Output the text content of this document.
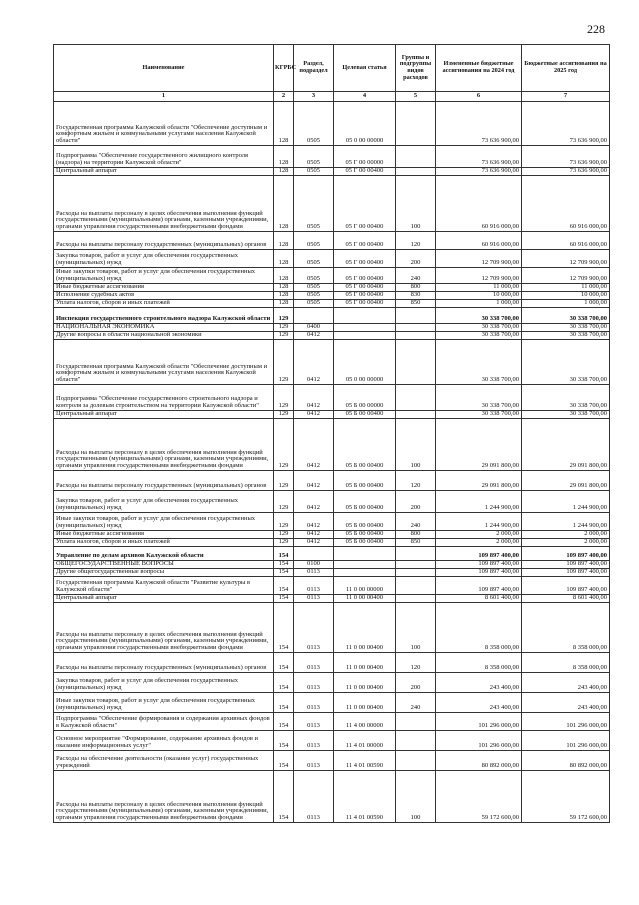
228
Наименование	КГРБС	Раздел, подраздел	Целевая статья	Группы и подгруппы видов расходов	Измененные бюджетные ассигнования на 2024 год	Бюджетные ассигнования на 2025 год
1	2	3	4	5	6	7
Государственная программа Калужской области "Обеспечение доступным и комфортным жильем и коммунальными услугами населения Калужской области"	128	0505	05 0 00 00000		73 636 900,00	73 636 900,00
Подпрограмма "Обеспечение государственного жилищного контроля (надзора) на территории Калужской области"	128	0505	05 Г 00 00000		73 636 900,00	73 636 900,00
Центральный аппарат	128	0505	05 Г 00 00400		73 636 900,00	73 636 900,00
Расходы на выплаты персоналу в целях обеспечения выполнения функций государственными (муниципальными) органами, казенными учреждениями, органами управления государственными внебюджетными фондами	128	0505	05 Г 00 00400	100	60 916 000,00	60 916 000,00
Расходы на выплаты персоналу государственных (муниципальных) органов	128	0505	05 Г 00 00400	120	60 916 000,00	60 916 000,00
Закупка товаров, работ и услуг для обеспечения государственных (муниципальных) нужд	128	0505	05 Г 00 00400	200	12 709 900,00	12 709 900,00
Иные закупки товаров, работ и услуг для обеспечения государственных (муниципальных) нужд	128	0505	05 Г 00 00400	240	12 709 900,00	12 709 900,00
Иные бюджетные ассигнования	128	0505	05 Г 00 00400	800	11 000,00	11 000,00
Исполнение судебных актов	128	0505	05 Г 00 00400	830	10 000,00	10 000,00
Уплата налогов, сборов и иных платежей	128	0505	05 Г 00 00400	850	1 000,00	1 000,00
Инспекция государственного строительного надзора Калужской области	129				30 338 700,00	30 338 700,00
НАЦИОНАЛЬНАЯ ЭКОНОМИКА	129	0400			30 338 700,00	30 338 700,00
Другие вопросы в области национальной экономики	129	0412			30 338 700,00	30 338 700,00
Государственная программа Калужской области "Обеспечение доступным и комфортным жильем и коммунальными услугами населения Калужской области"	129	0412	05 0 00 00000		30 338 700,00	30 338 700,00
Подпрограмма "Обеспечение государственного строительного надзора и контроля за долевым строительством на территории Калужской области"	129	0412	05 Б 00 00000		30 338 700,00	30 338 700,00
Центральный аппарат	129	0412	05 Б 00 00400		30 338 700,00	30 338 700,00
Расходы на выплаты персоналу в целях обеспечения выполнения функций государственными (муниципальными) органами, казенными учреждениями, органами управления государственными внебюджетными фондами	129	0412	05 Б 00 00400	100	29 091 800,00	29 091 800,00
Расходы на выплаты персоналу государственных (муниципальных) органов	129	0412	05 Б 00 00400	120	29 091 800,00	29 091 800,00
Закупка товаров, работ и услуг для обеспечения государственных (муниципальных) нужд	129	0412	05 Б 00 00400	200	1 244 900,00	1 244 900,00
Иные закупки товаров, работ и услуг для обеспечения государственных (муниципальных) нужд	129	0412	05 Б 00 00400	240	1 244 900,00	1 244 900,00
Иные бюджетные ассигнования	129	0412	05 Б 00 00400	800	2 000,00	2 000,00
Уплата налогов, сборов и иных платежей	129	0412	05 Б 00 00400	850	2 000,00	2 000,00
Управление по делам архивов Калужской области	154				109 897 400,00	109 897 400,00
ОБЩЕГОСУДАРСТВЕННЫЕ ВОПРОСЫ	154	0100			109 897 400,00	109 897 400,00
Другие общегосударственные вопросы	154	0113			109 897 400,00	109 897 400,00
Государственная программа Калужской области "Развитие культуры в Калужской области"	154	0113	11 0 00 00000		109 897 400,00	109 897 400,00
Центральный аппарат	154	0113	11 0 00 00400		8 601 400,00	8 601 400,00
Расходы на выплаты персоналу в целях обеспечения выполнения функций государственными (муниципальными) органами, казенными учреждениями, органами управления государственными внебюджетными фондами	154	0113	11 0 00 00400	100	8 358 000,00	8 358 000,00
Расходы на выплаты персоналу государственных (муниципальных) органов	154	0113	11 0 00 00400	120	8 358 000,00	8 358 000,00
Закупка товаров, работ и услуг для обеспечения государственных (муниципальных) нужд	154	0113	11 0 00 00400	200	243 400,00	243 400,00
Иные закупки товаров, работ и услуг для обеспечения государственных (муниципальных) нужд	154	0113	11 0 00 00400	240	243 400,00	243 400,00
Подпрограмма "Обеспечение формирования и содержания архивных фондов в Калужской области"	154	0113	11 4 00 00000		101 296 000,00	101 296 000,00
Основное мероприятие "Формирование, содержание архивных фондов и оказание информационных услуг"	154	0113	11 4 01 00000		101 296 000,00	101 296 000,00
Расходы на обеспечение деятельности (оказание услуг) государственных учреждений	154	0113	11 4 01 00590		80 892 000,00	80 892 000,00
Расходы на выплаты персоналу в целях обеспечения выполнения функций государственными (муниципальными) органами, казенными учреждениями, органами управления государственными внебюджетными фондами	154	0113	11 4 01 00590	100	59 172 600,00	59 172 600,00
